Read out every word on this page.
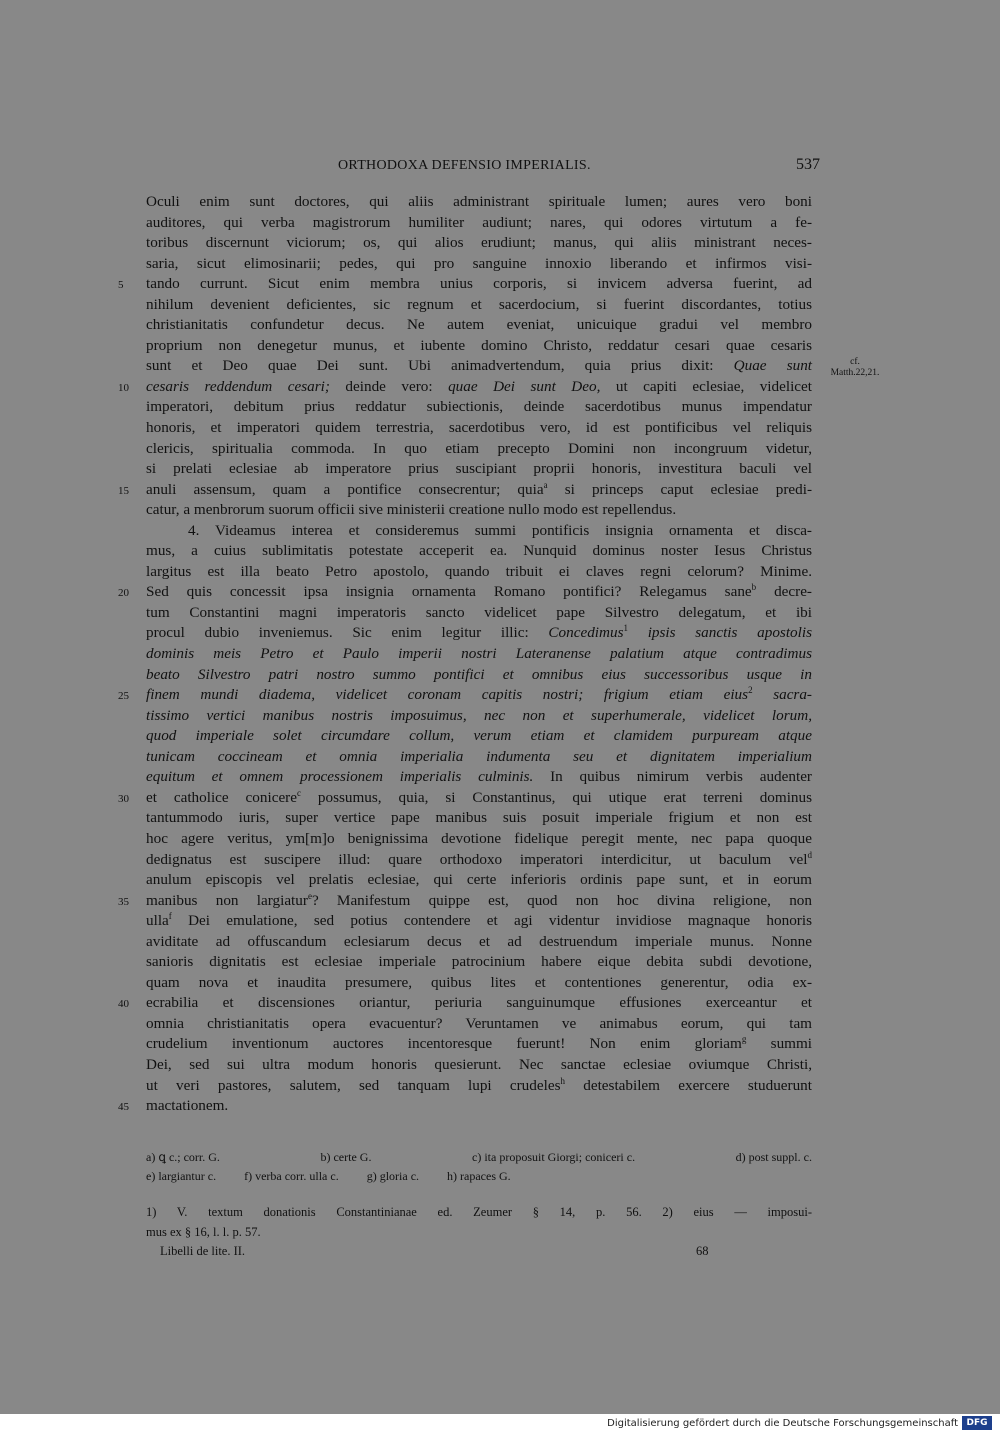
ORTHODOXA DEFENSIO IMPERIALIS.	537
cf.
Matth.22,21.
Oculi enim sunt doctores, qui aliis administrant spirituale lumen; aures vero boni
auditores, qui verba magistrorum humiliter audiunt; nares, qui odores virtutum a fe-
toribus discernunt viciorum; os, qui alios erudiunt; manus, qui aliis ministrant neces-
saria, sicut elimosinarii; pedes, qui pro sanguine innoxio liberando et infirmos visi-
5	tando currunt. Sicut enim membra unius corporis, si invicem adversa fuerint, ad
nihilum devenient deficientes, sic regnum et sacerdocium, si fuerint discordantes, totius
christianitatis confundetur decus. Ne autem eveniat, unicuique gradui vel membro
proprium non denegetur munus, et iubente domino Christo, reddatur cesari quae cesaris
sunt et Deo quae Dei sunt. Ubi animadvertendum, quia prius dixit: Quae sunt
10	cesaris reddendum cesari; deinde vero: quae Dei sunt Deo, ut capiti eclesiae, videlicet
imperatori, debitum prius reddatur subiectionis, deinde sacerdotibus munus impendatur
honoris, et imperatori quidem terrestria, sacerdotibus vero, id est pontificibus vel reliquis
clericis, spiritualia commoda. In quo etiam precepto Domini non incongruum videtur,
si prelati eclesiae ab imperatore prius suscipiant proprii honoris, investitura baculi vel
15	anuli assensum, quam a pontifice consecrentur; quia$^a$ si princeps caput eclesiae predi-
catur, a menbrorum suorum officii sive ministerii creatione nullo modo est repellendus.
4. Videamus interea et consideremus summi pontificis insignia ornamenta et disca-
mus, a cuius sublimitatis potestate acceperit ea. Nunquid dominus noster Iesus Christus
largitus est illa beato Petro apostolo, quando tribuit ei claves regni celorum? Minime.
20	Sed quis concessit ipsa insignia ornamenta Romano pontifici? Relegamus sane$^b$ decre-
tum Constantini magni imperatoris sancto videlicet pape Silvestro delegatum, et ibi
procul dubio inveniemus. Sic enim legitur illic: Concedimus$^1$ ipsis sanctis apostolis
dominis meis Petro et Paulo imperii nostri Lateranense palatium atque contradimus
beato Silvestro patri nostro summo pontifici et omnibus eius successoribus usque in
25	finem mundi diadema, videlicet coronam capitis nostri; frigium etiam eius$^2$ sacra-
tissimo vertici manibus nostris imposuimus, nec non et superhumerale, videlicet lorum,
quod imperiale solet circumdare collum, verum etiam et clamidem purpuream atque
tunicam coccineam et omnia imperialia indumenta seu et dignitatem imperialium
equitum et omnem processionem imperialis culminis. In quibus nimirum verbis audenter
30	et catholice conicere$^c$ possumus, quia, si Constantinus, qui utique erat terreni dominus
tantummodo iuris, super vertice pape manibus suis posuit imperiale frigium et non est
hoc agere veritus, ym[m]o benignissima devotione fidelique peregit mente, nec papa quoque
dedignatus est suscipere illud: quare orthodoxo imperatori interdicitur, ut baculum vel$^d$
anulum episcopis vel prelatis eclesiae, qui certe inferioris ordinis pape sunt, et in eorum
35	manibus non largiatur$^e$? Manifestum quippe est, quod non hoc divina religione, non
ulla$^f$ Dei emulatione, sed potius contendere et agi videntur invidiose magnaque honoris
aviditate ad offuscandum eclesiarum decus et ad destruendum imperiale munus. Nonne
sanioris dignitatis est eclesiae imperiale patrocinium habere eique debita subdi devotione,
quam nova et inaudita presumere, quibus lites et contentiones generentur, odia ex-
40	ecrabilia et discensiones oriantur, periuria sanguinumque effusiones exerceantur et
omnia christianitatis opera evacuentur? Veruntamen ve animabus eorum, qui tam
crudelium inventionum auctores incentoresque fuerunt! Non enim gloriam$^g$ summi
Dei, sed sui ultra modum honoris quesierunt. Nec sanctae eclesiae oviumque Christi,
ut veri pastores, salutem, sed tanquam lupi crudeles$^h$ detestabilem exercere studuerunt
45	mactationem.
a) ꝗ c.; corr. G.	b) certe G.	c) ita proposuit Giorgi; coniceri c.	d) post suppl. c.
e) largiantur c. f) verba corr. ulla c. g) gloria c. h) rapaces G.
1) V. textum donationis Constantinianae ed. Zeumer § 14, p. 56. 2) eius — imposui-
mus ex § 16, l. l. p. 57.
Libelli de lite. II.	68
Digitalisierung gefördert durch die Deutsche Forschungsgemeinschaft DFG
